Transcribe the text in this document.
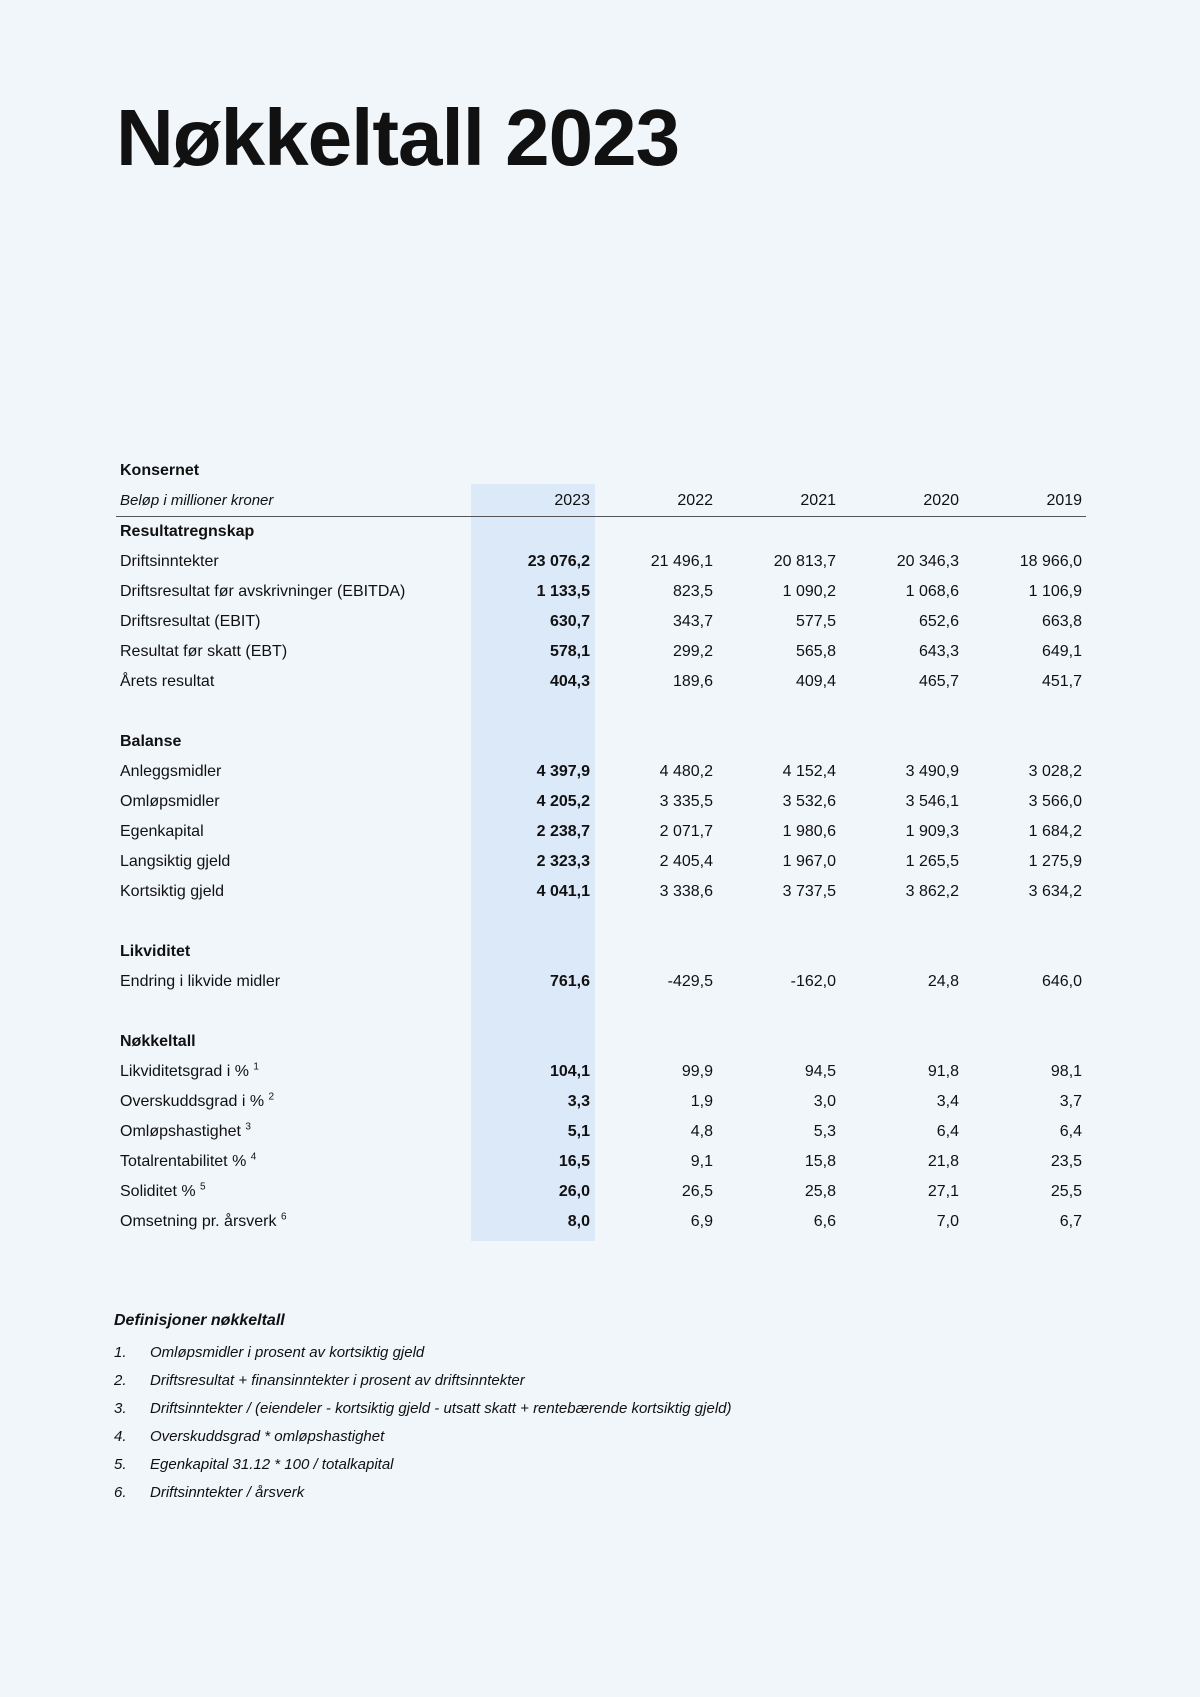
Nøkkeltall 2023
Konsernet					
Beløp i millioner kroner	2023	2022	2021	2020	2019
Resultatregnskap					
Driftsinntekter	23 076,2	21 496,1	20 813,7	20 346,3	18 966,0
Driftsresultat før avskrivninger (EBITDA)	1 133,5	823,5	1 090,2	1 068,6	1 106,9
Driftsresultat (EBIT)	630,7	343,7	577,5	652,6	663,8
Resultat før skatt (EBT)	578,1	299,2	565,8	643,3	649,1
Årets resultat	404,3	189,6	409,4	465,7	451,7

Balanse					
Anleggsmidler	4 397,9	4 480,2	4 152,4	3 490,9	3 028,2
Omløpsmidler	4 205,2	3 335,5	3 532,6	3 546,1	3 566,0
Egenkapital	2 238,7	2 071,7	1 980,6	1 909,3	1 684,2
Langsiktig gjeld	2 323,3	2 405,4	1 967,0	1 265,5	1 275,9
Kortsiktig gjeld	4 041,1	3 338,6	3 737,5	3 862,2	3 634,2

Likviditet					
Endring i likvide midler	761,6	-429,5	-162,0	24,8	646,0

Nøkkeltall					
Likviditetsgrad i % $^1$	104,1	99,9	94,5	91,8	98,1
Overskuddsgrad i % $^2$	3,3	1,9	3,0	3,4	3,7
Omløpshastighet $^3$	5,1	4,8	5,3	6,4	6,4
Totalrentabilitet % $^4$	16,5	9,1	15,8	21,8	23,5
Soliditet % $^5$	26,0	26,5	25,8	27,1	25,5
Omsetning pr. årsverk $^6$	8,0	6,9	6,6	7,0	6,7
Definisjoner nøkkeltall
1.	Omløpsmidler i prosent av kortsiktig gjeld
2.	Driftsresultat + finansinntekter i prosent av driftsinntekter
3.	Driftsinntekter / (eiendeler - kortsiktig gjeld - utsatt skatt + rentebærende kortsiktig gjeld)
4.	Overskuddsgrad * omløpshastighet
5.	Egenkapital 31.12 * 100 / totalkapital
6.	Driftsinntekter / årsverk
